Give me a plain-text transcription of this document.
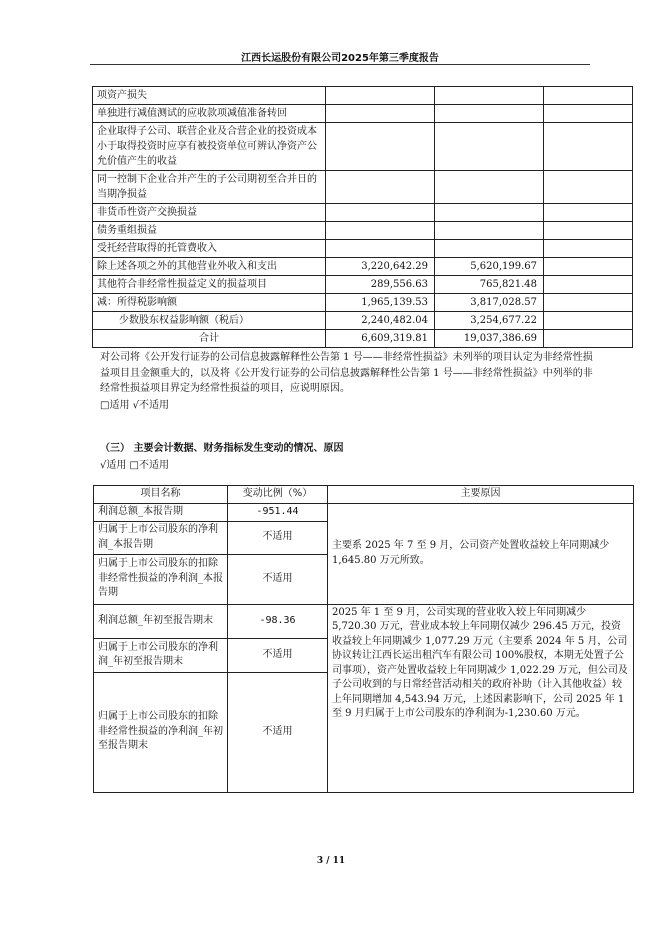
江西长运股份有限公司2025年第三季度报告
项资产损失			
单独进行减值测试的应收款项减值准备转回			
企业取得子公司、联营企业及合营企业的投资成本小于取得投资时应享有被投资单位可辨认净资产公允价值产生的收益			
同一控制下企业合并产生的子公司期初至合并日的当期净损益			
非货币性资产交换损益			
债务重组损益			
受托经营取得的托管费收入			
除上述各项之外的其他营业外收入和支出	3,220,642.29	5,620,199.67	
其他符合非经常性损益定义的损益项目	289,556.63	765,821.48	
减：所得税影响额	1,965,139.53	3,817,028.57	
少数股东权益影响额（税后）	2,240,482.04	3,254,677.22	
合计	6,609,319.81	19,037,386.69	
对公司将《公开发行证券的公司信息披露解释性公告第 1 号——非经常性损益》未列举的项目认定为非经常性损益项目且金额重大的，以及将《公开发行证券的公司信息披露解释性公告第 1 号——非经常性损益》中列举的非经常性损益项目界定为经常性损益的项目，应说明原因。
□适用 √不适用
（三） 主要会计数据、财务指标发生变动的情况、原因
√适用 □不适用
项目名称	变动比例（%）	主要原因
利润总额_本报告期	-951.44	主要系 2025 年 7 至 9 月，公司资产处置收益较上年同期减少 1,645.80 万元所致。
归属于上市公司股东的净利润_本报告期	不适用	
归属于上市公司股东的扣除非经常性损益的净利润_本报告期	不适用	
利润总额_年初至报告期末	-98.36	2025 年 1 至 9 月，公司实现的营业收入较上年同期减少 5,720.30 万元，营业成本较上年同期仅减少 296.45 万元，投资收益较上年同期减少 1,077.29 万元（主要系 2024 年 5 月，公司协议转让江西长运出租汽车有限公司 100%股权，本期无处置子公司事项），资产处置收益较上年同期减少 1,022.29 万元，但公司及子公司收到的与日常经营活动相关的政府补助（计入其他收益）较上年同期增加 4,543.94 万元，上述因素影响下，公司 2025 年 1 至 9 月归属于上市公司股东的净利润为-1,230.60 万元。
归属于上市公司股东的净利润_年初至报告期末	不适用	
归属于上市公司股东的扣除非经常性损益的净利润_年初至报告期末	不适用	
3 / 11
